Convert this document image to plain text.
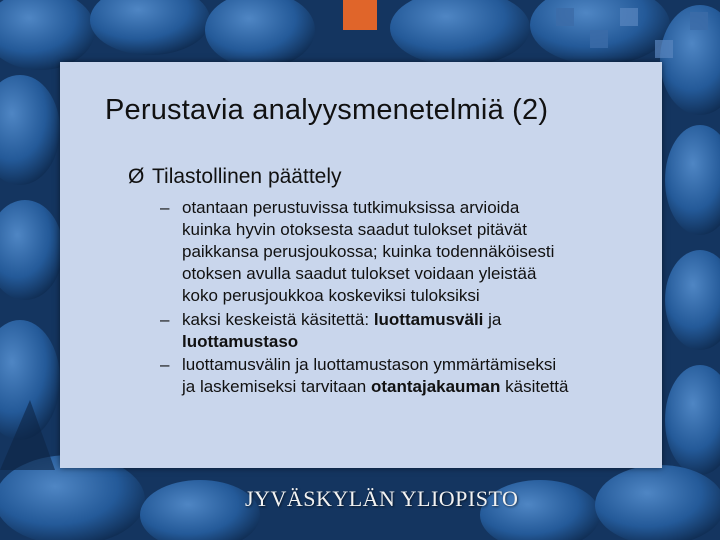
Perustavia analyysmenetelmiä (2)
Ø Tilastollinen päättely
– otantaan perustuvissa tutkimuksissa arvioida
kuinka hyvin otoksesta saadut tulokset pitävät
paikkansa perusjoukossa; kuinka todennäköisesti
otoksen avulla saadut tulokset voidaan yleistää
koko perusjoukkoa koskeviksi tuloksiksi
– kaksi keskeistä käsitettä: luottamusväli ja
luottamustaso
– luottamusvälin ja luottamustason ymmärtämiseksi
ja laskemiseksi tarvitaan otantajakauman käsitettä
JYVÄSKYLÄN YLIOPISTO
